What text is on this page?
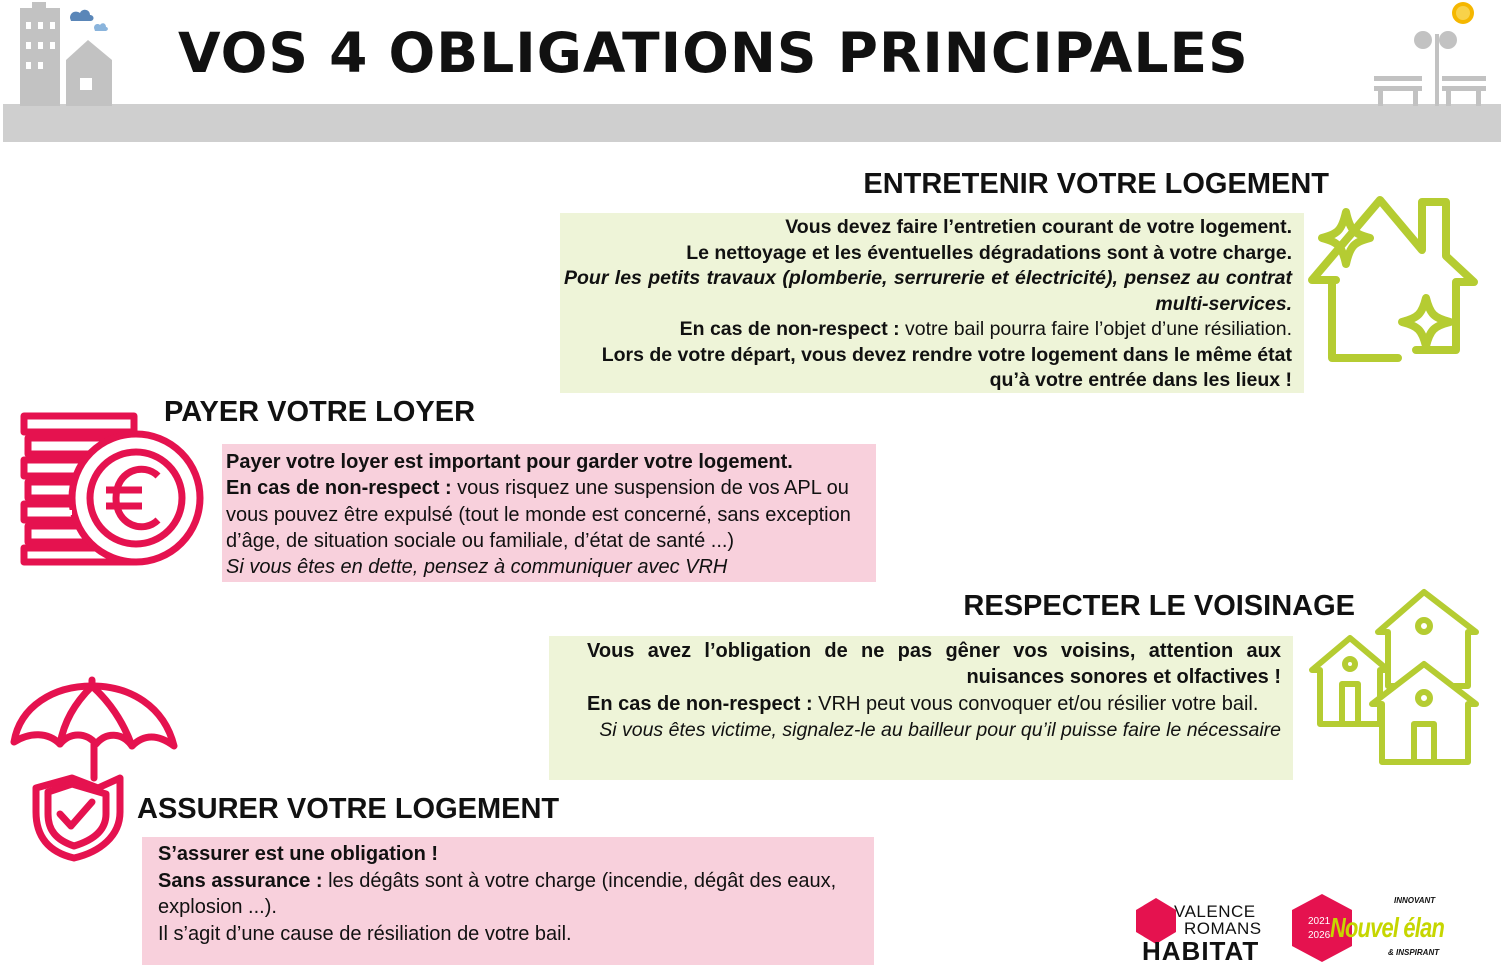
VOS 4 OBLIGATIONS PRINCIPALES
ENTRETENIR VOTRE LOGEMENT

Vous devez faire l’entretien courant de votre logement.

Le nettoyage et les éventuelles dégradations sont à votre charge.

Pour les petits travaux (plomberie, serrurerie et électricité), pensez au contrat multi-services.

En cas de non-respect : votre bail pourra faire l’objet d’une résiliation.

Lors de votre départ, vous devez rendre votre logement dans le même état qu’à votre entrée dans les lieux !

PAYER VOTRE LOYER

Payer votre loyer est important pour garder votre logement.

En cas de non-respect : vous risquez une suspension de vos APL ou vous pouvez être expulsé (tout le monde est concerné, sans exception d’âge, de situation sociale ou familiale, d’état de santé ...)

Si vous êtes en dette, pensez à communiquer avec VRH

RESPECTER LE VOISINAGE

Vous avez l’obligation de ne pas gêner vos voisins, attention aux nuisances sonores et olfactives !

En cas de non-respect : VRH peut vous convoquer et/ou résilier votre bail.

Si vous êtes victime, signalez-le au bailleur pour qu’il puisse faire le nécessaire

ASSURER VOTRE LOGEMENT

S’assurer est une obligation !

Sans assurance : les dégâts sont à votre charge (incendie, dégât des eaux, explosion ...).

Il s’agit d’une cause de résiliation de votre bail.

VALENCE
ROMANS
HABITAT
2021
2026
INNOVANT
Nouvel élan
& INSPIRANT
